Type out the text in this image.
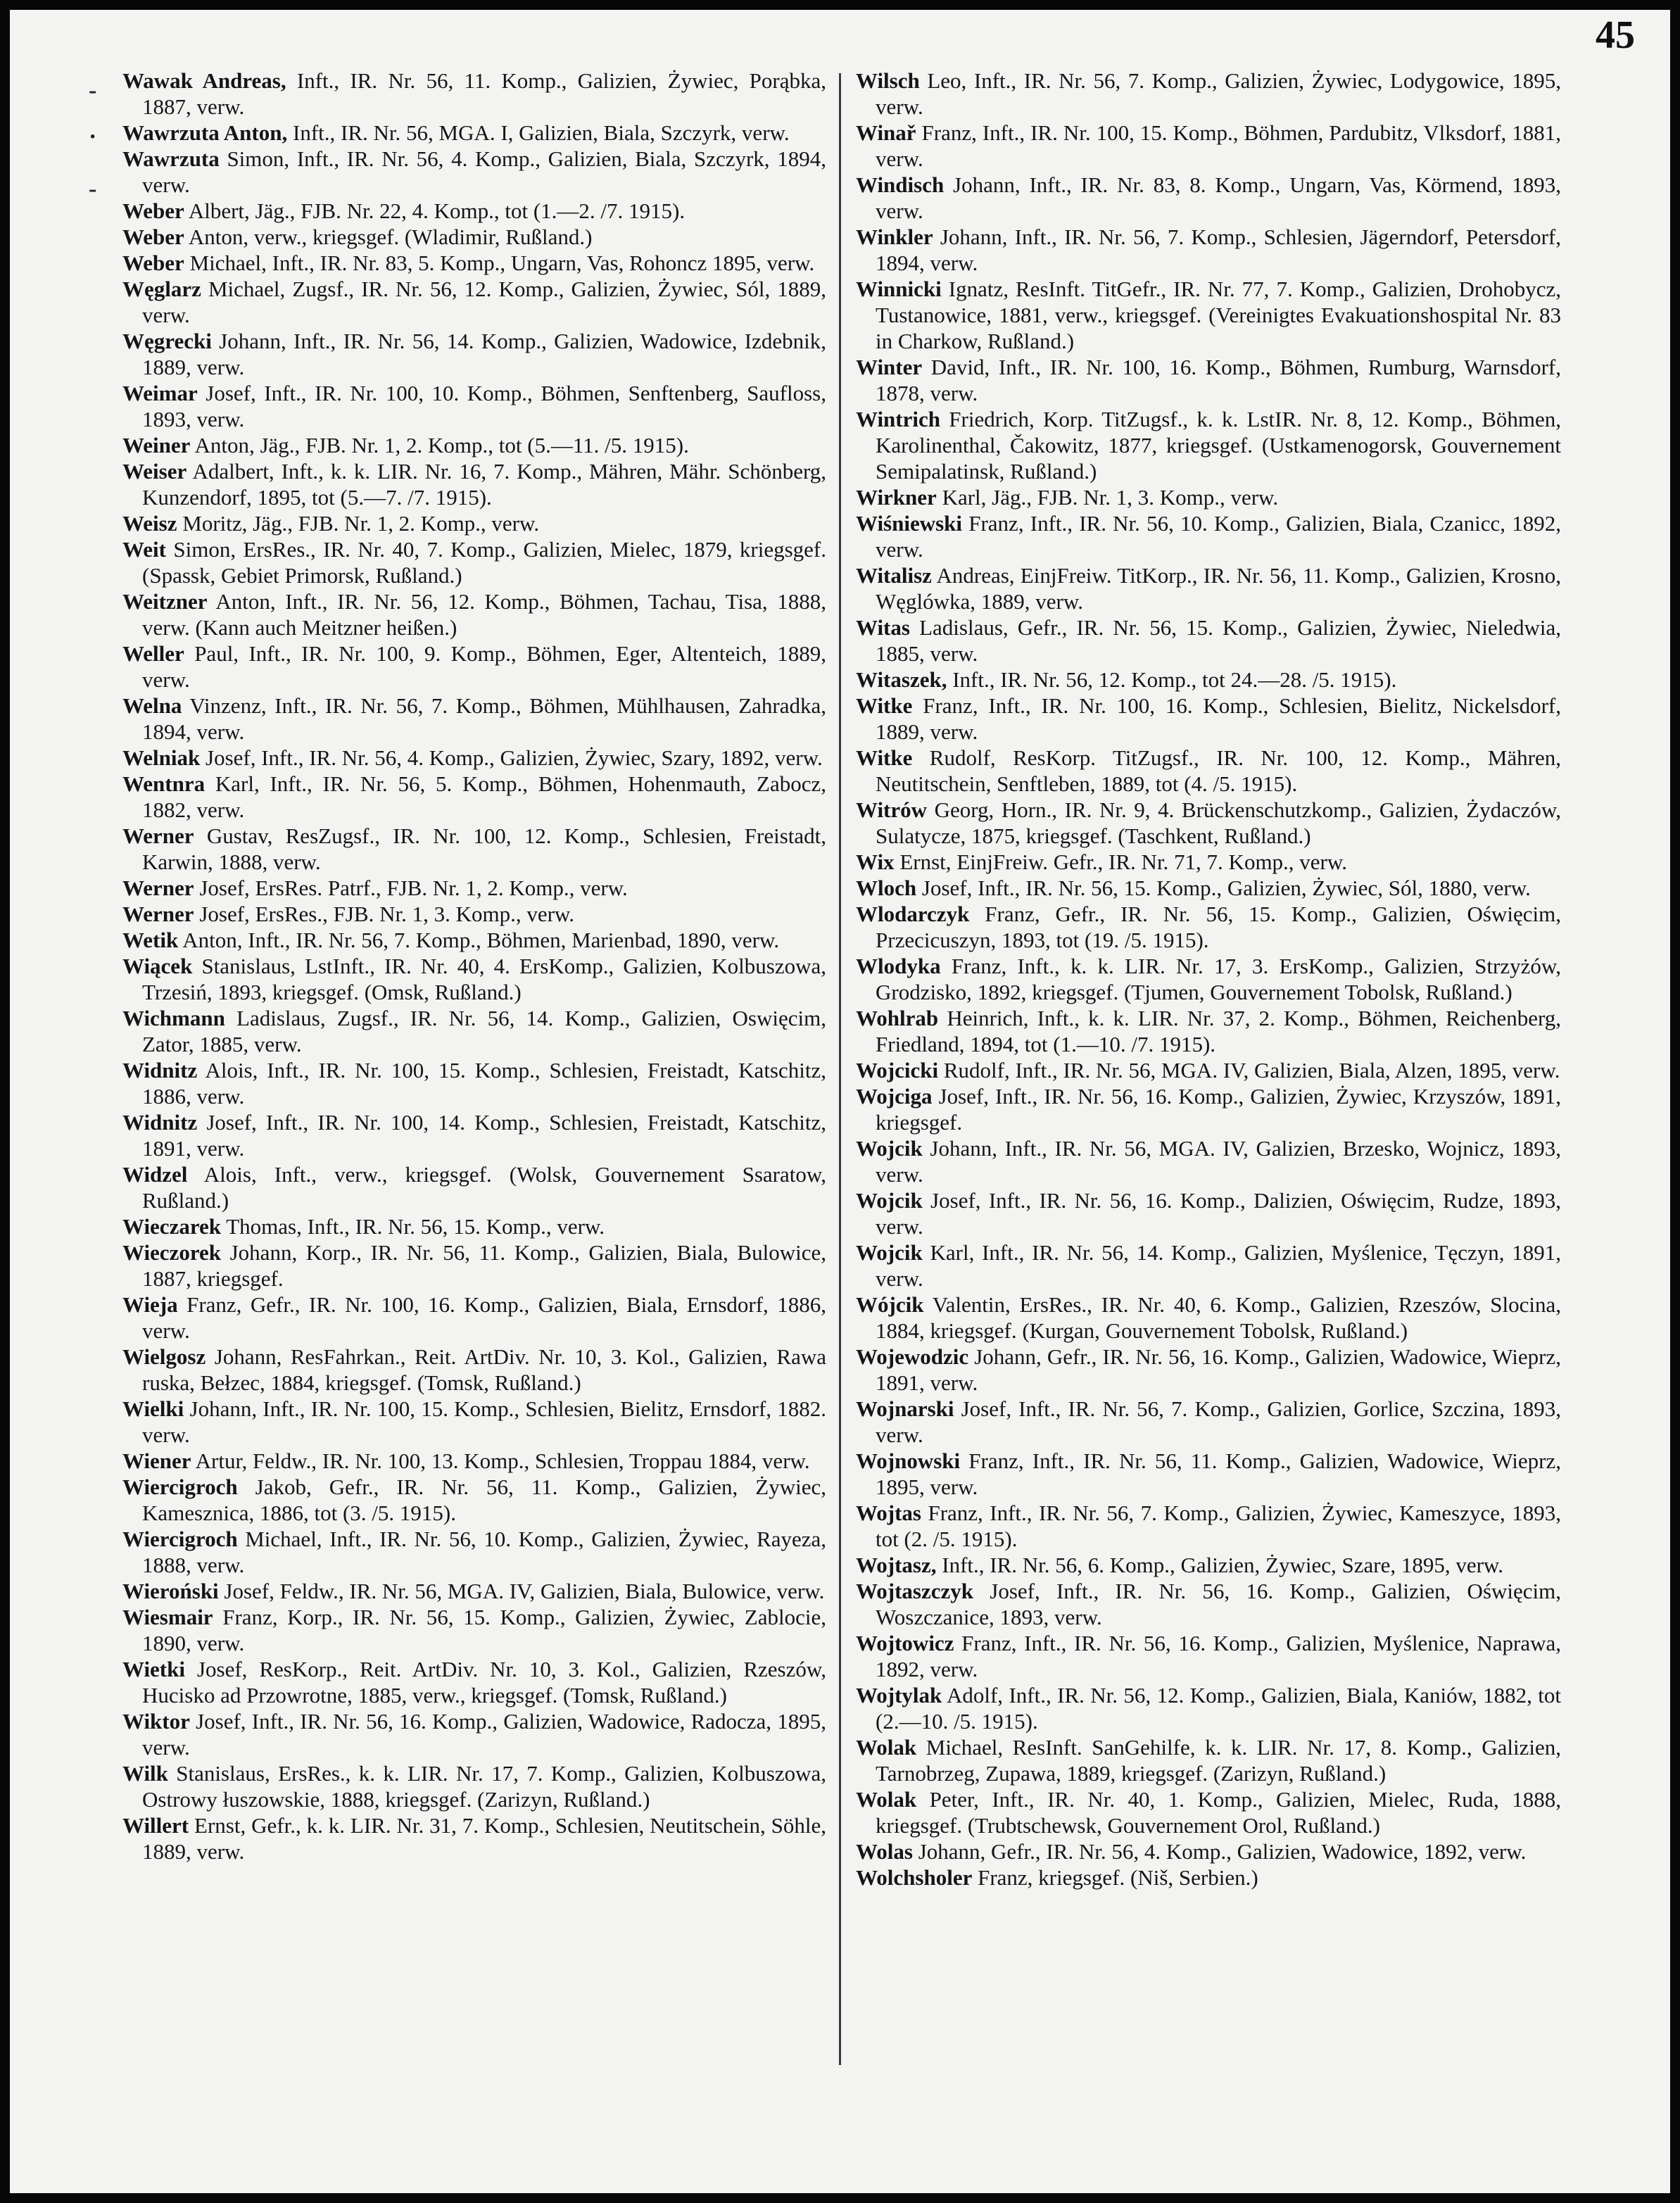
45
-
·
-
Wawak Andreas, Inft., IR. Nr. 56, 11. Komp., Galizien, Żywiec, Porąbka, 1887, verw.
Wawrzuta Anton, Inft., IR. Nr. 56, MGA. I, Galizien, Biala, Szczyrk, verw.
Wawrzuta Simon, Inft., IR. Nr. 56, 4. Komp., Galizien, Biala, Szczyrk, 1894, verw.
Weber Albert, Jäg., FJB. Nr. 22, 4. Komp., tot (1.—2. /7. 1915).
Weber Anton, verw., kriegsgef. (Wladimir, Rußland.)
Weber Michael, Inft., IR. Nr. 83, 5. Komp., Ungarn, Vas, Rohoncz 1895, verw.
Węglarz Michael, Zugsf., IR. Nr. 56, 12. Komp., Galizien, Żywiec, Sól, 1889, verw.
Węgrecki Johann, Inft., IR. Nr. 56, 14. Komp., Galizien, Wadowice, Izdebnik, 1889, verw.
Weimar Josef, Inft., IR. Nr. 100, 10. Komp., Böhmen, Senftenberg, Saufloss, 1893, verw.
Weiner Anton, Jäg., FJB. Nr. 1, 2. Komp., tot (5.—11. /5. 1915).
Weiser Adalbert, Inft., k. k. LIR. Nr. 16, 7. Komp., Mähren, Mähr. Schönberg, Kunzendorf, 1895, tot (5.—7. /7. 1915).
Weisz Moritz, Jäg., FJB. Nr. 1, 2. Komp., verw.
Weit Simon, ErsRes., IR. Nr. 40, 7. Komp., Galizien, Mielec, 1879, kriegsgef. (Spassk, Gebiet Primorsk, Rußland.)
Weitzner Anton, Inft., IR. Nr. 56, 12. Komp., Böhmen, Tachau, Tisa, 1888, verw. (Kann auch Meitzner heißen.)
Weller Paul, Inft., IR. Nr. 100, 9. Komp., Böhmen, Eger, Altenteich, 1889, verw.
Welna Vinzenz, Inft., IR. Nr. 56, 7. Komp., Böhmen, Mühlhausen, Zahradka, 1894, verw.
Welniak Josef, Inft., IR. Nr. 56, 4. Komp., Galizien, Żywiec, Szary, 1892, verw.
Wentnra Karl, Inft., IR. Nr. 56, 5. Komp., Böhmen, Hohenmauth, Zabocz, 1882, verw.
Werner Gustav, ResZugsf., IR. Nr. 100, 12. Komp., Schlesien, Freistadt, Karwin, 1888, verw.
Werner Josef, ErsRes. Patrf., FJB. Nr. 1, 2. Komp., verw.
Werner Josef, ErsRes., FJB. Nr. 1, 3. Komp., verw.
Wetik Anton, Inft., IR. Nr. 56, 7. Komp., Böhmen, Marienbad, 1890, verw.
Wiącek Stanislaus, LstInft., IR. Nr. 40, 4. ErsKomp., Galizien, Kolbuszowa, Trzesiń, 1893, kriegsgef. (Omsk, Rußland.)
Wichmann Ladislaus, Zugsf., IR. Nr. 56, 14. Komp., Galizien, Oswięcim, Zator, 1885, verw.
Widnitz Alois, Inft., IR. Nr. 100, 15. Komp., Schlesien, Freistadt, Katschitz, 1886, verw.
Widnitz Josef, Inft., IR. Nr. 100, 14. Komp., Schlesien, Freistadt, Katschitz, 1891, verw.
Widzel Alois, Inft., verw., kriegsgef. (Wolsk, Gouvernement Ssaratow, Rußland.)
Wieczarek Thomas, Inft., IR. Nr. 56, 15. Komp., verw.
Wieczorek Johann, Korp., IR. Nr. 56, 11. Komp., Galizien, Biala, Bulowice, 1887, kriegsgef.
Wieja Franz, Gefr., IR. Nr. 100, 16. Komp., Galizien, Biala, Ernsdorf, 1886, verw.
Wielgosz Johann, ResFahrkan., Reit. ArtDiv. Nr. 10, 3. Kol., Galizien, Rawa ruska, Bełzec, 1884, kriegsgef. (Tomsk, Rußland.)
Wielki Johann, Inft., IR. Nr. 100, 15. Komp., Schlesien, Bielitz, Ernsdorf, 1882. verw.
Wiener Artur, Feldw., IR. Nr. 100, 13. Komp., Schlesien, Troppau 1884, verw.
Wiercigroch Jakob, Gefr., IR. Nr. 56, 11. Komp., Galizien, Żywiec, Kamesznica, 1886, tot (3. /5. 1915).
Wiercigroch Michael, Inft., IR. Nr. 56, 10. Komp., Galizien, Żywiec, Rayeza, 1888, verw.
Wieroński Josef, Feldw., IR. Nr. 56, MGA. IV, Galizien, Biala, Bulowice, verw.
Wiesmair Franz, Korp., IR. Nr. 56, 15. Komp., Galizien, Żywiec, Zablocie, 1890, verw.
Wietki Josef, ResKorp., Reit. ArtDiv. Nr. 10, 3. Kol., Galizien, Rzeszów, Hucisko ad Przowrotne, 1885, verw., kriegsgef. (Tomsk, Rußland.)
Wiktor Josef, Inft., IR. Nr. 56, 16. Komp., Galizien, Wadowice, Radocza, 1895, verw.
Wilk Stanislaus, ErsRes., k. k. LIR. Nr. 17, 7. Komp., Galizien, Kolbuszowa, Ostrowy łuszowskie, 1888, kriegsgef. (Zarizyn, Rußland.)
Willert Ernst, Gefr., k. k. LIR. Nr. 31, 7. Komp., Schlesien, Neutitschein, Söhle, 1889, verw.
Wilsch Leo, Inft., IR. Nr. 56, 7. Komp., Galizien, Żywiec, Lodygowice, 1895, verw.
Winař Franz, Inft., IR. Nr. 100, 15. Komp., Böhmen, Pardubitz, Vlksdorf, 1881, verw.
Windisch Johann, Inft., IR. Nr. 83, 8. Komp., Ungarn, Vas, Körmend, 1893, verw.
Winkler Johann, Inft., IR. Nr. 56, 7. Komp., Schlesien, Jägerndorf, Petersdorf, 1894, verw.
Winnicki Ignatz, ResInft. TitGefr., IR. Nr. 77, 7. Komp., Galizien, Drohobycz, Tustanowice, 1881, verw., kriegsgef. (Vereinigtes Evakuationshospital Nr. 83 in Charkow, Rußland.)
Winter David, Inft., IR. Nr. 100, 16. Komp., Böhmen, Rumburg, Warnsdorf, 1878, verw.
Wintrich Friedrich, Korp. TitZugsf., k. k. LstIR. Nr. 8, 12. Komp., Böhmen, Karolinenthal, Čakowitz, 1877, kriegsgef. (Ustkamenogorsk, Gouvernement Semipalatinsk, Rußland.)
Wirkner Karl, Jäg., FJB. Nr. 1, 3. Komp., verw.
Wiśniewski Franz, Inft., IR. Nr. 56, 10. Komp., Galizien, Biala, Czanicc, 1892, verw.
Witalisz Andreas, EinjFreiw. TitKorp., IR. Nr. 56, 11. Komp., Galizien, Krosno, Węglówka, 1889, verw.
Witas Ladislaus, Gefr., IR. Nr. 56, 15. Komp., Galizien, Żywiec, Nieledwia, 1885, verw.
Witaszek, Inft., IR. Nr. 56, 12. Komp., tot 24.—28. /5. 1915).
Witke Franz, Inft., IR. Nr. 100, 16. Komp., Schlesien, Bielitz, Nickelsdorf, 1889, verw.
Witke Rudolf, ResKorp. TitZugsf., IR. Nr. 100, 12. Komp., Mähren, Neutitschein, Senftleben, 1889, tot (4. /5. 1915).
Witrów Georg, Horn., IR. Nr. 9, 4. Brückenschutzkomp., Galizien, Żydaczów, Sulatycze, 1875, kriegsgef. (Taschkent, Rußland.)
Wix Ernst, EinjFreiw. Gefr., IR. Nr. 71, 7. Komp., verw.
Wloch Josef, Inft., IR. Nr. 56, 15. Komp., Galizien, Żywiec, Sól, 1880, verw.
Wlodarczyk Franz, Gefr., IR. Nr. 56, 15. Komp., Galizien, Oświęcim, Przecicuszyn, 1893, tot (19. /5. 1915).
Wlodyka Franz, Inft., k. k. LIR. Nr. 17, 3. ErsKomp., Galizien, Strzyżów, Grodzisko, 1892, kriegsgef. (Tjumen, Gouvernement Tobolsk, Rußland.)
Wohlrab Heinrich, Inft., k. k. LIR. Nr. 37, 2. Komp., Böhmen, Reichenberg, Friedland, 1894, tot (1.—10. /7. 1915).
Wojcicki Rudolf, Inft., IR. Nr. 56, MGA. IV, Galizien, Biala, Alzen, 1895, verw.
Wojciga Josef, Inft., IR. Nr. 56, 16. Komp., Galizien, Żywiec, Krzyszów, 1891, kriegsgef.
Wojcik Johann, Inft., IR. Nr. 56, MGA. IV, Galizien, Brzesko, Wojnicz, 1893, verw.
Wojcik Josef, Inft., IR. Nr. 56, 16. Komp., Dalizien, Oświęcim, Rudze, 1893, verw.
Wojcik Karl, Inft., IR. Nr. 56, 14. Komp., Galizien, Myślenice, Tęczyn, 1891, verw.
Wójcik Valentin, ErsRes., IR. Nr. 40, 6. Komp., Galizien, Rzeszów, Slocina, 1884, kriegsgef. (Kurgan, Gouvernement Tobolsk, Rußland.)
Wojewodzic Johann, Gefr., IR. Nr. 56, 16. Komp., Galizien, Wadowice, Wieprz, 1891, verw.
Wojnarski Josef, Inft., IR. Nr. 56, 7. Komp., Galizien, Gorlice, Szczina, 1893, verw.
Wojnowski Franz, Inft., IR. Nr. 56, 11. Komp., Galizien, Wadowice, Wieprz, 1895, verw.
Wojtas Franz, Inft., IR. Nr. 56, 7. Komp., Galizien, Żywiec, Kameszyce, 1893, tot (2. /5. 1915).
Wojtasz, Inft., IR. Nr. 56, 6. Komp., Galizien, Żywiec, Szare, 1895, verw.
Wojtaszczyk Josef, Inft., IR. Nr. 56, 16. Komp., Galizien, Oświęcim, Woszczanice, 1893, verw.
Wojtowicz Franz, Inft., IR. Nr. 56, 16. Komp., Galizien, Myślenice, Naprawa, 1892, verw.
Wojtylak Adolf, Inft., IR. Nr. 56, 12. Komp., Galizien, Biala, Kaniów, 1882, tot (2.—10. /5. 1915).
Wolak Michael, ResInft. SanGehilfe, k. k. LIR. Nr. 17, 8. Komp., Galizien, Tarnobrzeg, Zupawa, 1889, kriegsgef. (Zarizyn, Rußland.)
Wolak Peter, Inft., IR. Nr. 40, 1. Komp., Galizien, Mielec, Ruda, 1888, kriegsgef. (Trubtschewsk, Gouvernement Orol, Rußland.)
Wolas Johann, Gefr., IR. Nr. 56, 4. Komp., Galizien, Wadowice, 1892, verw.
Wolchsholer Franz, kriegsgef. (Niš, Serbien.)
